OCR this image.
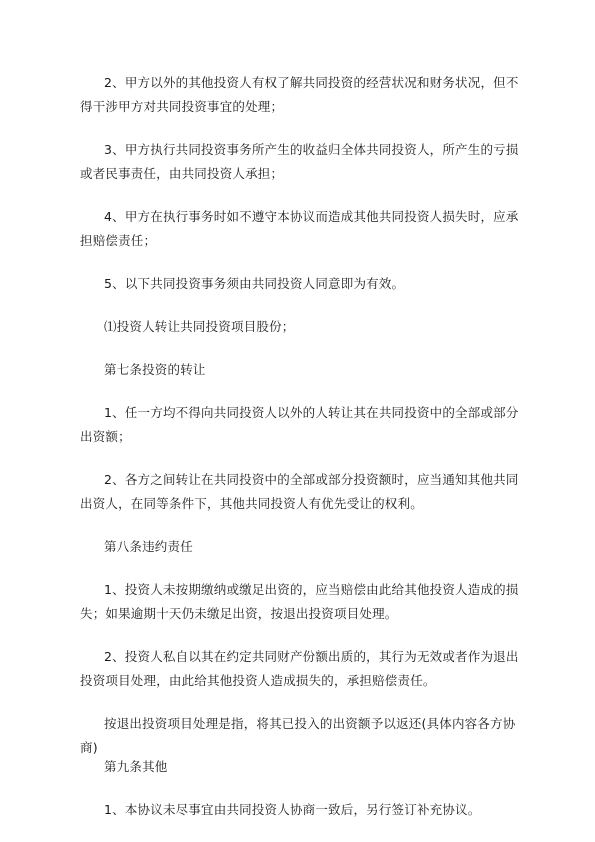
2、甲方以外的其他投资人有权了解共同投资的经营状况和财务状况，但不得干涉甲方对共同投资事宜的处理；

3、甲方执行共同投资事务所产生的收益归全体共同投资人，所产生的亏损或者民事责任，由共同投资人承担；

4、甲方在执行事务时如不遵守本协议而造成其他共同投资人损失时，应承担赔偿责任；

5、以下共同投资事务须由共同投资人同意即为有效。

⑴投资人转让共同投资项目股份；

第七条投资的转让

1、任一方均不得向共同投资人以外的人转让其在共同投资中的全部或部分出资额；

2、各方之间转让在共同投资中的全部或部分投资额时，应当通知其他共同出资人，在同等条件下，其他共同投资人有优先受让的权利。

第八条违约责任

1、投资人未按期缴纳或缴足出资的，应当赔偿由此给其他投资人造成的损失；如果逾期十天仍未缴足出资，按退出投资项目处理。

2、投资人私自以其在约定共同财产份额出质的，其行为无效或者作为退出投资项目处理，由此给其他投资人造成损失的，承担赔偿责任。

按退出投资项目处理是指，将其已投入的出资额予以返还(具体内容各方协商)

第九条其他

1、本协议未尽事宜由共同投资人协商一致后，另行签订补充协议。
